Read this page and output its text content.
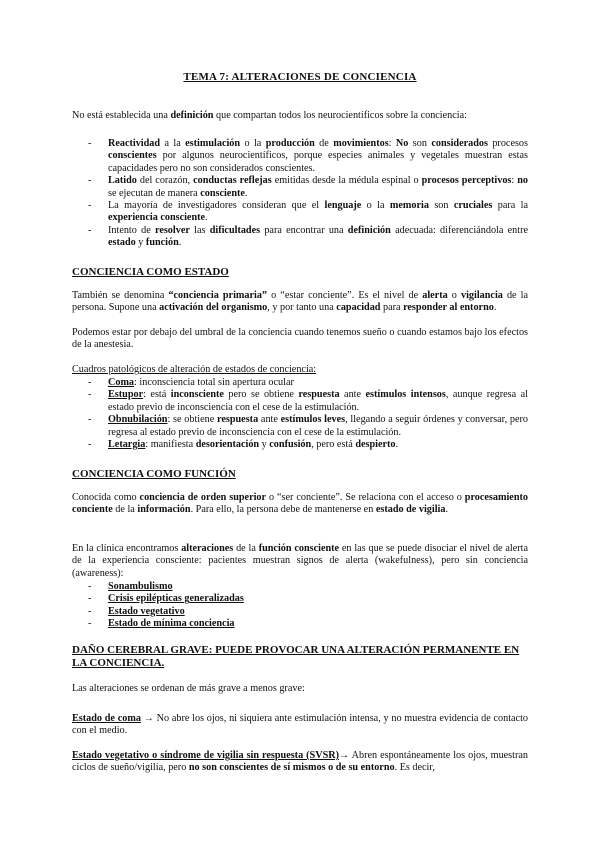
TEMA 7: ALTERACIONES DE CONCIENCIA
No está establecida una definición que compartan todos los neurocientíficos sobre la conciencia:
- Reactividad a la estimulación o la producción de movimientos: No son considerados procesos conscientes por algunos neurocientíficos, porque especies animales y vegetales muestran estas capacidades pero no son considerados conscientes.
- Latido del corazón, conductas reflejas emitidas desde la médula espinal o procesos perceptivos: no se ejecutan de manera consciente.
- La mayoría de investigadores consideran que el lenguaje o la memoria son cruciales para la experiencia consciente.
- Intento de resolver las dificultades para encontrar una definición adecuada: diferenciándola entre estado y función.
CONCIENCIA COMO ESTADO
También se denomina “conciencia primaria” o “estar conciente”. Es el nivel de alerta o vigilancia de la persona. Supone una activación del organismo, y por tanto una capacidad para responder al entorno.
Podemos estar por debajo del umbral de la conciencia cuando tenemos sueño o cuando estamos bajo los efectos de la anestesia.
Cuadros patológicos de alteración de estados de conciencia:
- Coma: inconsciencia total sin apertura ocular
- Estupor: está inconsciente pero se obtiene respuesta ante estímulos intensos, aunque regresa al estado previo de inconsciencia con el cese de la estimulación.
- Obnubilación: se obtiene respuesta ante estímulos leves, llegando a seguir órdenes y conversar, pero regresa al estado previo de inconsciencia con el cese de la estimulación.
- Letargia: manifiesta desorientación y confusión, pero está despierto.
CONCIENCIA COMO FUNCIÓN
Conocida como conciencia de orden superior o “ser conciente”. Se relaciona con el acceso o procesamiento conciente de la información. Para ello, la persona debe de mantenerse en estado de vigilia.
En la clínica encontramos alteraciones de la función consciente en las que se puede disociar el nivel de alerta de la experiencia consciente: pacientes muestran signos de alerta (wakefulness), pero sin conciencia (awareness):
- Sonambulismo
- Crisis epilépticas generalizadas
- Estado vegetativo
- Estado de mínima conciencia
DAÑO CEREBRAL GRAVE: PUEDE PROVOCAR UNA ALTERACIÓN PERMANENTE EN LA CONCIENCIA.
Las alteraciones se ordenan de más grave a menos grave:
Estado de coma → No abre los ojos, ni siquiera ante estimulación intensa, y no muestra evidencia de contacto con el medio.
Estado vegetativo o síndrome de vigilia sin respuesta (SVSR)→ Abren espontáneamente los ojos, muestran ciclos de sueño/vigilia, pero no son conscientes de sí mismos o de su entorno. Es decir,
